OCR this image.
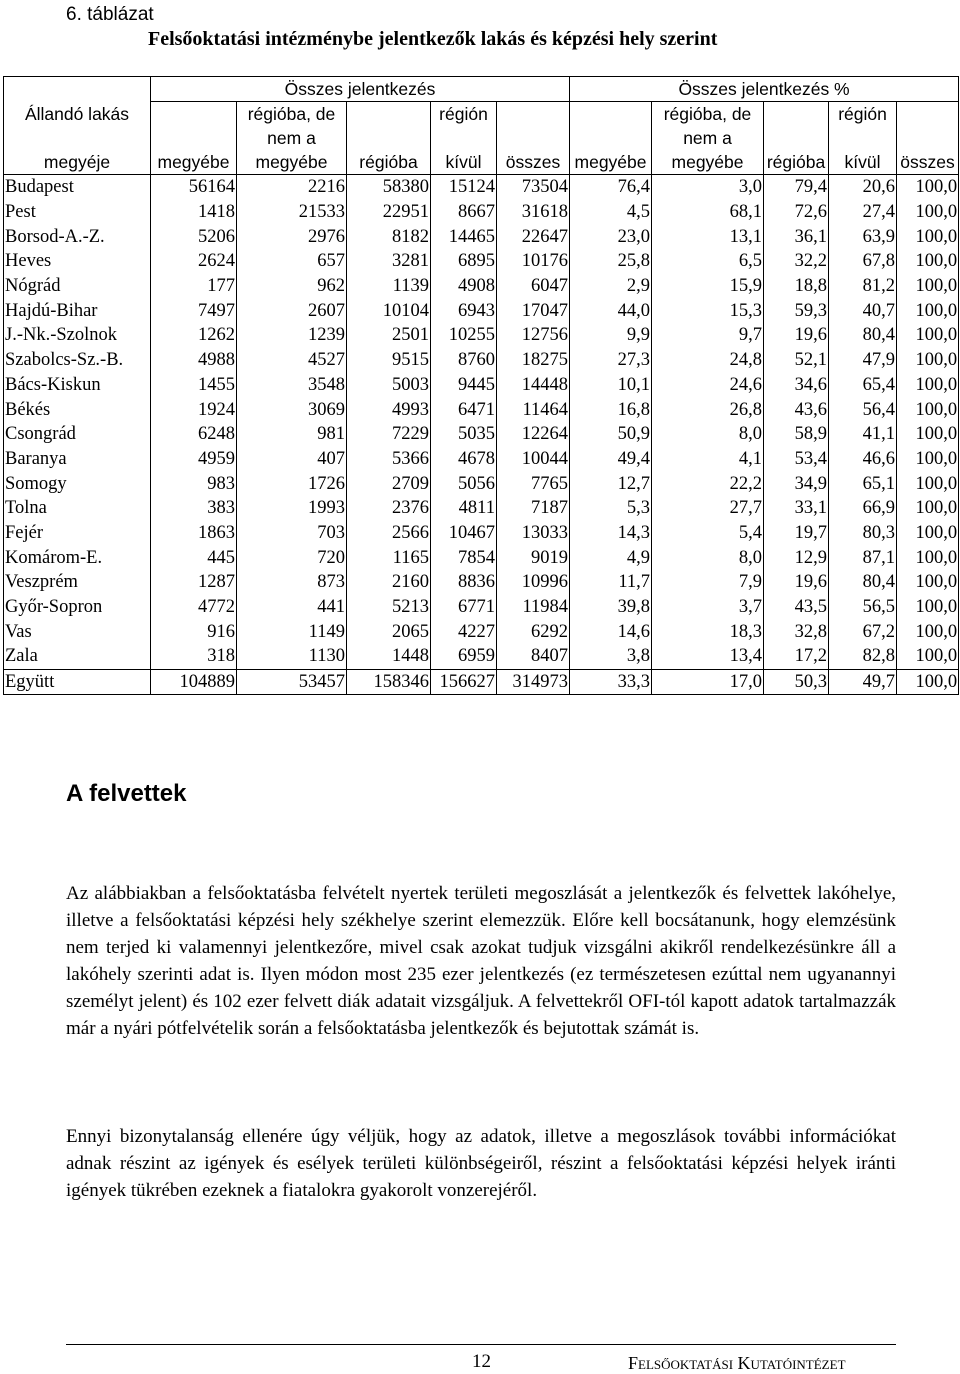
6. táblázat
Felsőoktatási intézménybe jelentkezők lakás és képzési hely szerint
	Összes jelentkezés					Összes jelentkezés %				
Állandó lakás		régióba, de		régión			régióba, de		régión	
		nem a					nem a			
megyéje	megyébe	megyébe	régióba	kívül	összes	megyébe	megyébe	régióba	kívül	összes
Budapest	56164	2216	58380	15124	73504	76,4	3,0	79,4	20,6	100,0
Pest	1418	21533	22951	8667	31618	4,5	68,1	72,6	27,4	100,0
Borsod-A.-Z.	5206	2976	8182	14465	22647	23,0	13,1	36,1	63,9	100,0
Heves	2624	657	3281	6895	10176	25,8	6,5	32,2	67,8	100,0
Nógrád	177	962	1139	4908	6047	2,9	15,9	18,8	81,2	100,0
Hajdú-Bihar	7497	2607	10104	6943	17047	44,0	15,3	59,3	40,7	100,0
J.-Nk.-Szolnok	1262	1239	2501	10255	12756	9,9	9,7	19,6	80,4	100,0
Szabolcs-Sz.-B.	4988	4527	9515	8760	18275	27,3	24,8	52,1	47,9	100,0
Bács-Kiskun	1455	3548	5003	9445	14448	10,1	24,6	34,6	65,4	100,0
Békés	1924	3069	4993	6471	11464	16,8	26,8	43,6	56,4	100,0
Csongrád	6248	981	7229	5035	12264	50,9	8,0	58,9	41,1	100,0
Baranya	4959	407	5366	4678	10044	49,4	4,1	53,4	46,6	100,0
Somogy	983	1726	2709	5056	7765	12,7	22,2	34,9	65,1	100,0
Tolna	383	1993	2376	4811	7187	5,3	27,7	33,1	66,9	100,0
Fejér	1863	703	2566	10467	13033	14,3	5,4	19,7	80,3	100,0
Komárom-E.	445	720	1165	7854	9019	4,9	8,0	12,9	87,1	100,0
Veszprém	1287	873	2160	8836	10996	11,7	7,9	19,6	80,4	100,0
Győr-Sopron	4772	441	5213	6771	11984	39,8	3,7	43,5	56,5	100,0
Vas	916	1149	2065	4227	6292	14,6	18,3	32,8	67,2	100,0
Zala	318	1130	1448	6959	8407	3,8	13,4	17,2	82,8	100,0
Együtt	104889	53457	158346	156627	314973	33,3	17,0	50,3	49,7	100,0
A felvettek

Az alábbiakban a felsőoktatásba felvételt nyertek területi megoszlását a jelentkezők és felvettek lakóhelye, illetve a felsőoktatási képzési hely székhelye szerint elemezzük. Előre kell bocsátanunk, hogy elemzésünk nem terjed ki valamennyi jelentkezőre, mivel csak azokat tudjuk vizsgálni akikről rendelkezésünkre áll a lakóhely szerinti adat is. Ilyen módon most 235 ezer jelentkezés (ez természetesen ezúttal nem ugyanannyi személyt jelent) és 102 ezer felvett diák adatait vizsgáljuk. A felvettekről OFI-tól kapott adatok tartalmazzák már a nyári pótfelvételik során a felsőoktatásba jelentkezők és bejutottak számát is.

Ennyi bizonytalanság ellenére úgy véljük, hogy az adatok, illetve a megoszlások további információkat adnak részint az igények és esélyek területi különbségeiről, részint a felsőoktatási képzési helyek iránti igények tükrében ezeknek a fiatalokra gyakorolt vonzerejéről.

12	Felsőoktatási Kutatóintézet
